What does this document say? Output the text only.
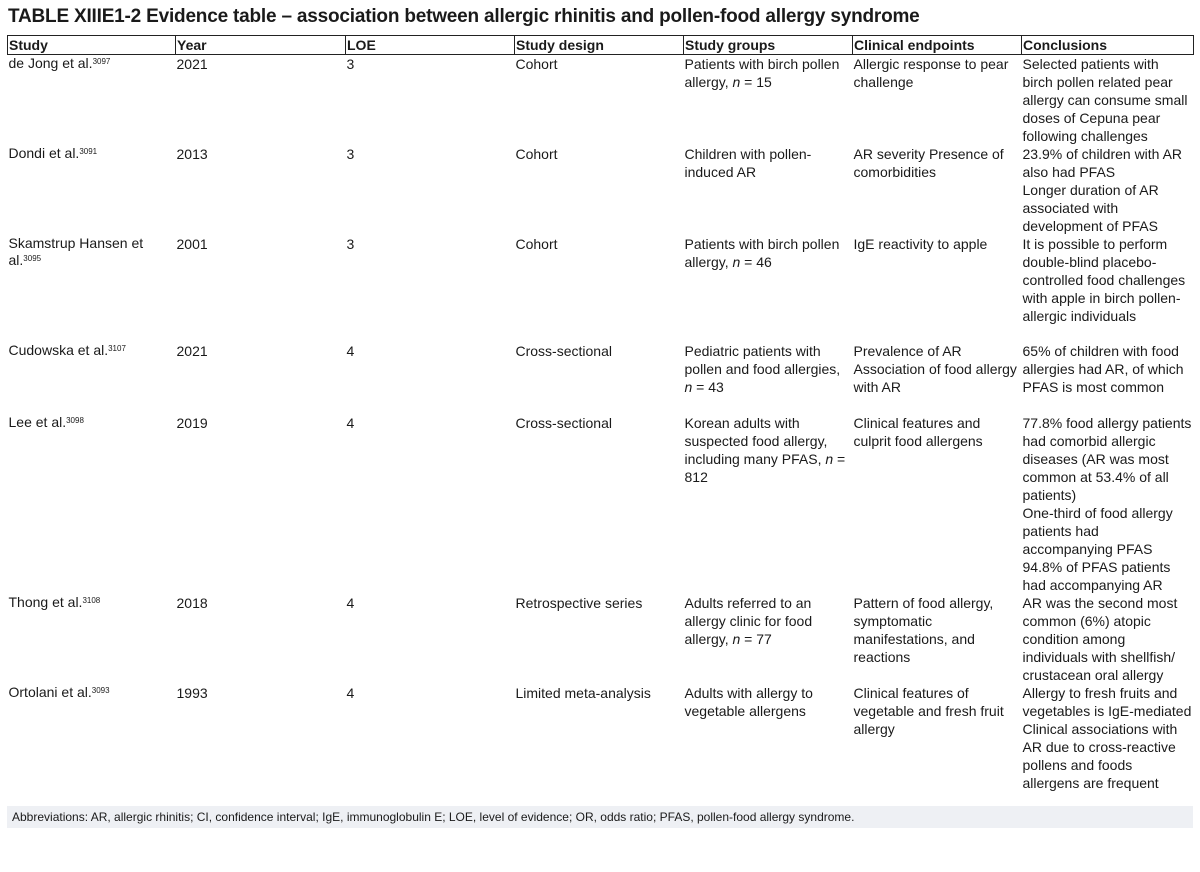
TABLE XIIIE1-2 Evidence table – association between allergic rhinitis and pollen-food allergy syndrome
Study	Year	LOE	Study design	Study groups	Clinical endpoints	Conclusions
de Jong et al.$^{3097}$	2021	3	Cohort	Patients with birch pollen allergy, n = 15	Allergic response to pear challenge	Selected patients with birch pollen related pear allergy can consume small doses of Cepuna pear following challenges

Dondi et al.$^{3091}$	2013	3	Cohort	Children with pollen-induced AR	AR severity Presence of comorbidities	23.9% of children with AR also had PFAS
Longer duration of AR associated with development of PFAS

Skamstrup Hansen et al.$^{3095}$	2001	3	Cohort	Patients with birch pollen allergy, n = 46	IgE reactivity to apple	It is possible to perform double-blind placebo-controlled food challenges with apple in birch pollen-allergic individuals

Cudowska et al.$^{3107}$	2021	4	Cross-sectional	Pediatric patients with pollen and food allergies, n = 43	Prevalence of AR Association of food allergy with AR	65% of children with food allergies had AR, of which PFAS is most common

Lee et al.$^{3098}$	2019	4	Cross-sectional	Korean adults with suspected food allergy, including many PFAS, n = 812	Clinical features and culprit food allergens	77.8% food allergy patients had comorbid allergic diseases (AR was most common at 53.4% of all patients)
One-third of food allergy patients had accompanying PFAS
94.8% of PFAS patients had accompanying AR

Thong et al.$^{3108}$	2018	4	Retrospective series	Adults referred to an allergy clinic for food allergy, n = 77	Pattern of food allergy, symptomatic manifestations, and reactions	AR was the second most common (6%) atopic condition among individuals with shellfish/ crustacean oral allergy

Ortolani et al.$^{3093}$	1993	4	Limited meta-analysis	Adults with allergy to vegetable allergens	Clinical features of vegetable and fresh fruit allergy	Allergy to fresh fruits and vegetables is IgE-mediated Clinical associations with AR due to cross-reactive pollens and foods allergens are frequent
Abbreviations: AR, allergic rhinitis; CI, confidence interval; IgE, immunoglobulin E; LOE, level of evidence; OR, odds ratio; PFAS, pollen-food allergy syndrome.
